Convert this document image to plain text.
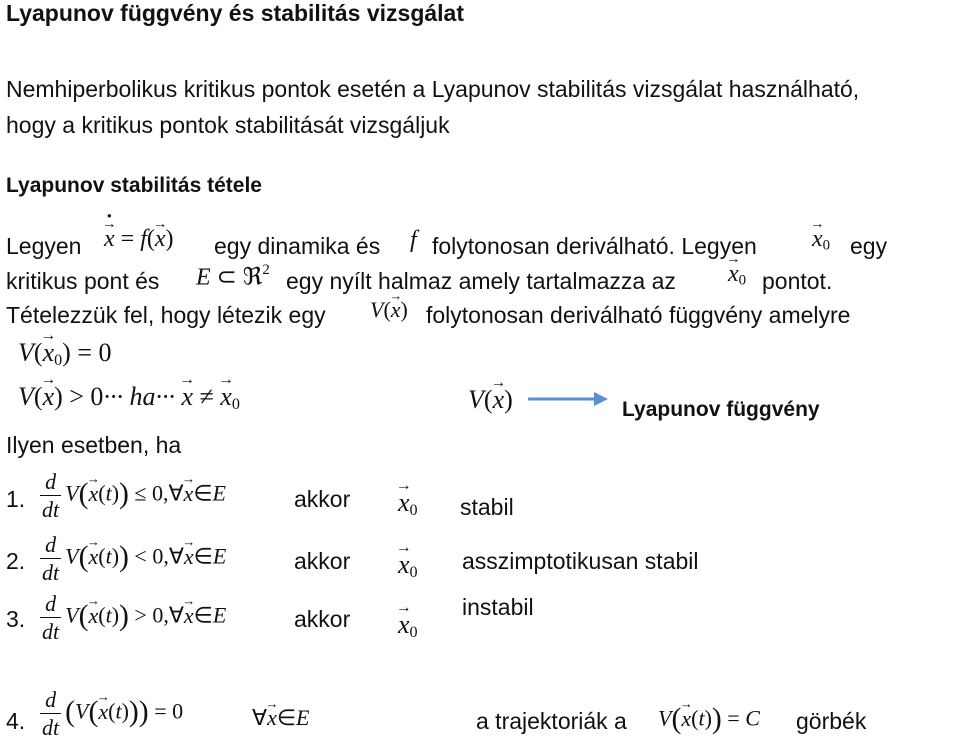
Lyapunov függvény és stabilitás vizsgálat
Nemhiperbolikus kritikus pontok esetén a Lyapunov stabilitás vizsgálat használható,
hogy a kritikus pontok stabilitását vizsgáljuk
Lyapunov stabilitás tétele
Legyen · x → = f(→ x) egy dinamika és f folytonosan deriválható. Legyen → $x_0$ egy
kritikus pont és E ⊂ ℜ$^2$ egy nyílt halmaz amely tartalmazza az → $x_0$ pontot.
Tételezzük fel, hogy létezik egy V(→ x) folytonosan deriválható függvény amelyre
$V(\to x_0) = 0$
V(→ x) > 0··· ha··· → x ≠ → $x_0$	V(→ x)	Lyapunov függvény
Ilyen esetben, ha
1. $\frac{d}{dt} V(\to x(t))$ ≤ 0,∀→ x∈E	akkor → $x_0$ stabil
2. $\frac{d}{dt} V(\to x(t))$ < 0,∀→ x∈E	akkor → $x_0$ asszimptotikusan stabil
3. $\frac{d}{dt} V(\to x(t))$ > 0,∀→ x∈E	akkor → $x_0$
instabil
4. $\frac{d}{dt} (V(\to x(t))) = 0$	∀→ x∈E	a trajektoriák a V(→ x(t)) = C görbék
